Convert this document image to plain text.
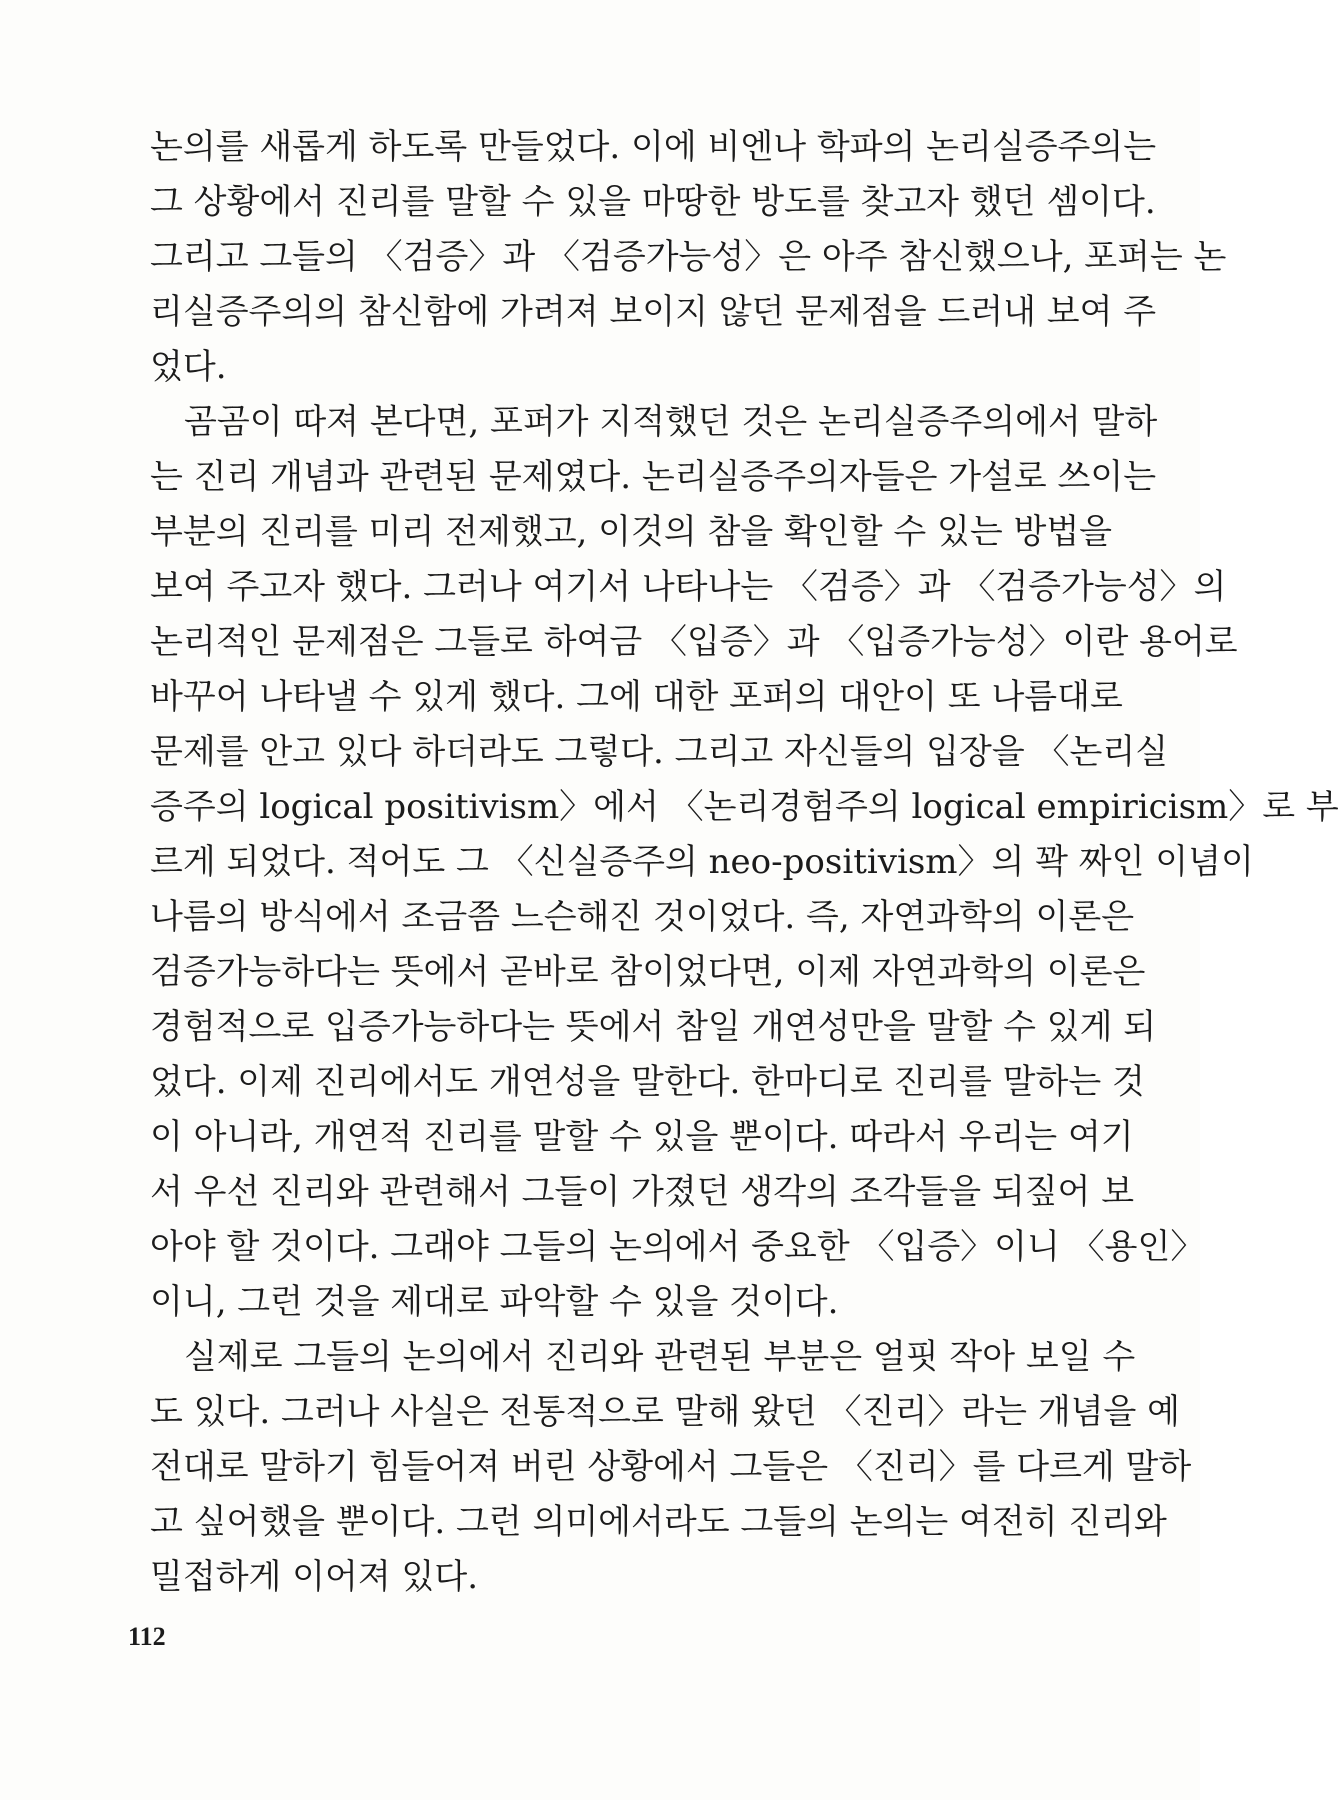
논의를 새롭게 하도록 만들었다. 이에 비엔나 학파의 논리실증주의는
그 상황에서 진리를 말할 수 있을 마땅한 방도를 찾고자 했던 셈이다.
그리고 그들의 〈검증〉과 〈검증가능성〉은 아주 참신했으나, 포퍼는 논
리실증주의의 참신함에 가려져 보이지 않던 문제점을 드러내 보여 주
었다.
곰곰이 따져 본다면, 포퍼가 지적했던 것은 논리실증주의에서 말하
는 진리 개념과 관련된 문제였다. 논리실증주의자들은 가설로 쓰이는
부분의 진리를 미리 전제했고, 이것의 참을 확인할 수 있는 방법을
보여 주고자 했다. 그러나 여기서 나타나는 〈검증〉과 〈검증가능성〉의
논리적인 문제점은 그들로 하여금 〈입증〉과 〈입증가능성〉이란 용어로
바꾸어 나타낼 수 있게 했다. 그에 대한 포퍼의 대안이 또 나름대로
문제를 안고 있다 하더라도 그렇다. 그리고 자신들의 입장을 〈논리실
증주의 logical positivism〉에서 〈논리경험주의 logical empiricism〉로 부
르게 되었다. 적어도 그 〈신실증주의 neo-positivism〉의 꽉 짜인 이념이
나름의 방식에서 조금쯤 느슨해진 것이었다. 즉, 자연과학의 이론은
검증가능하다는 뜻에서 곧바로 참이었다면, 이제 자연과학의 이론은
경험적으로 입증가능하다는 뜻에서 참일 개연성만을 말할 수 있게 되
었다. 이제 진리에서도 개연성을 말한다. 한마디로 진리를 말하는 것
이 아니라, 개연적 진리를 말할 수 있을 뿐이다. 따라서 우리는 여기
서 우선 진리와 관련해서 그들이 가졌던 생각의 조각들을 되짚어 보
아야 할 것이다. 그래야 그들의 논의에서 중요한 〈입증〉이니 〈용인〉
이니, 그런 것을 제대로 파악할 수 있을 것이다.
실제로 그들의 논의에서 진리와 관련된 부분은 얼핏 작아 보일 수
도 있다. 그러나 사실은 전통적으로 말해 왔던 〈진리〉라는 개념을 예
전대로 말하기 힘들어져 버린 상황에서 그들은 〈진리〉를 다르게 말하
고 싶어했을 뿐이다. 그런 의미에서라도 그들의 논의는 여전히 진리와
밀접하게 이어져 있다.
112
